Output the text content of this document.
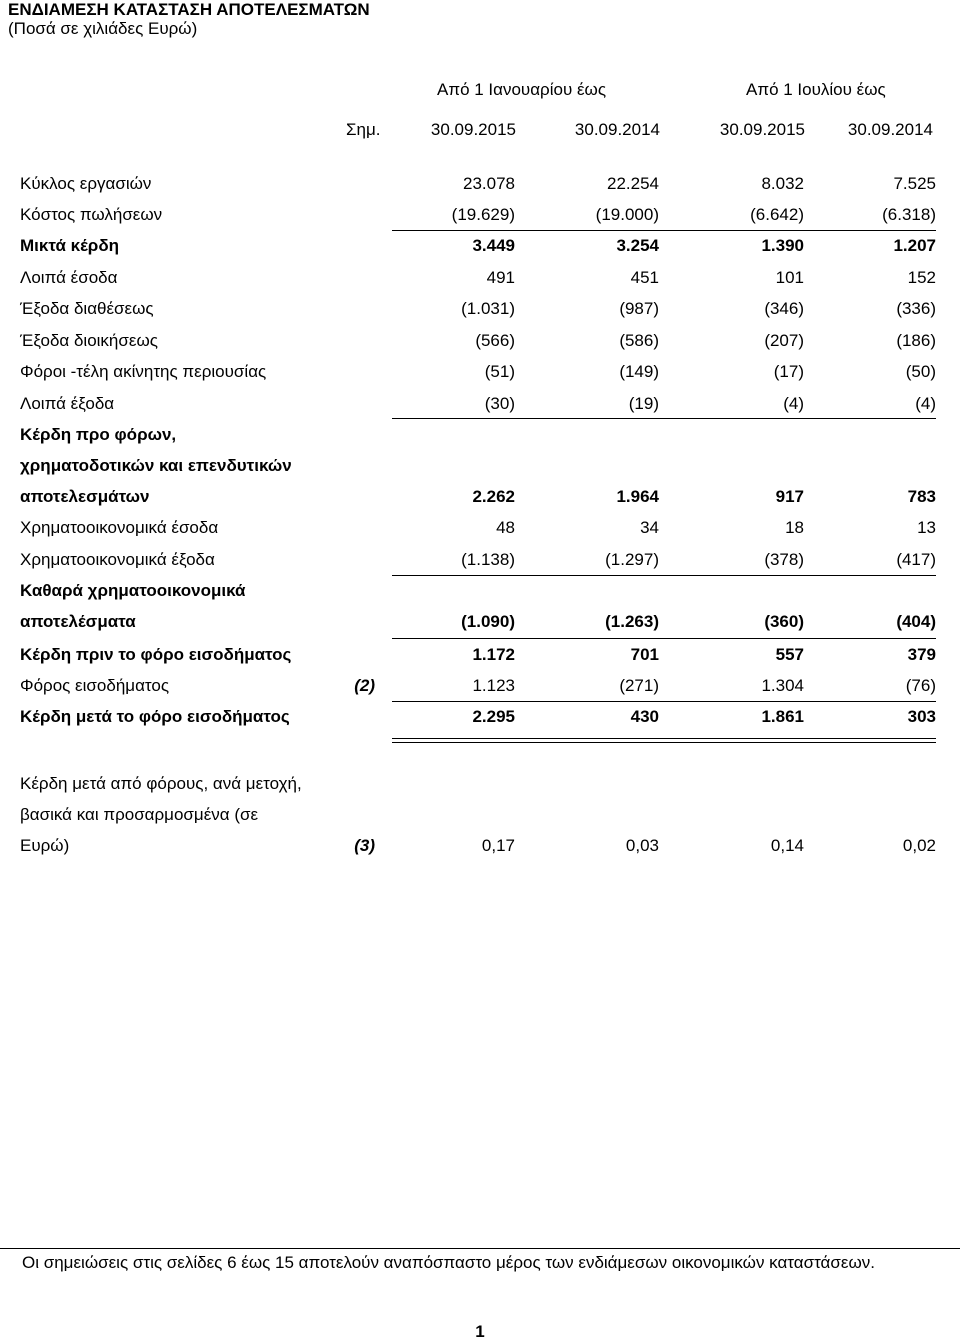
ΕΝΔΙΑΜΕΣΗ ΚΑΤΑΣΤΑΣΗ ΑΠΟΤΕΛΕΣΜΑΤΩΝ
(Ποσά σε χιλιάδες Ευρώ)
Από 1 Ιανουαρίου έως	Από 1 Ιουλίου έως
Σημ.	30.09.2015	30.09.2014	30.09.2015	30.09.2014
Κύκλος εργασιών	23.078	22.254	8.032	7.525
Κόστος πωλήσεων	(19.629)	(19.000)	(6.642)	(6.318)
Μικτά κέρδη	3.449	3.254	1.390	1.207
Λοιπά έσοδα	491	451	101	152
Έξοδα διαθέσεως	(1.031)	(987)	(346)	(336)
Έξοδα διοικήσεως	(566)	(586)	(207)	(186)
Φόροι -τέλη ακίνητης περιουσίας	(51)	(149)	(17)	(50)
Λοιπά έξοδα	(30)	(19)	(4)	(4)
Κέρδη προ φόρων,
χρηματοδοτικών και επενδυτικών
αποτελεσμάτων	2.262	1.964	917	783
Χρηματοοικονομικά έσοδα	48	34	18	13
Χρηματοοικονομικά έξοδα	(1.138)	(1.297)	(378)	(417)
Καθαρά χρηματοοικονομικά
αποτελέσματα	(1.090)	(1.263)	(360)	(404)
Κέρδη πριν το φόρο εισοδήματος	1.172	701	557	379
Φόρος εισοδήματος	(2)	1.123	(271)	1.304	(76)
Κέρδη μετά το φόρο εισοδήματος	2.295	430	1.861	303
Κέρδη μετά από φόρους, ανά μετοχή,
βασικά και προσαρμοσμένα (σε
Ευρώ)	(3)	0,17	0,03	0,14	0,02
Οι σημειώσεις στις σελίδες 6 έως 15 αποτελούν αναπόσπαστο μέρος των ενδιάμεσων οικονομικών καταστάσεων.
1
